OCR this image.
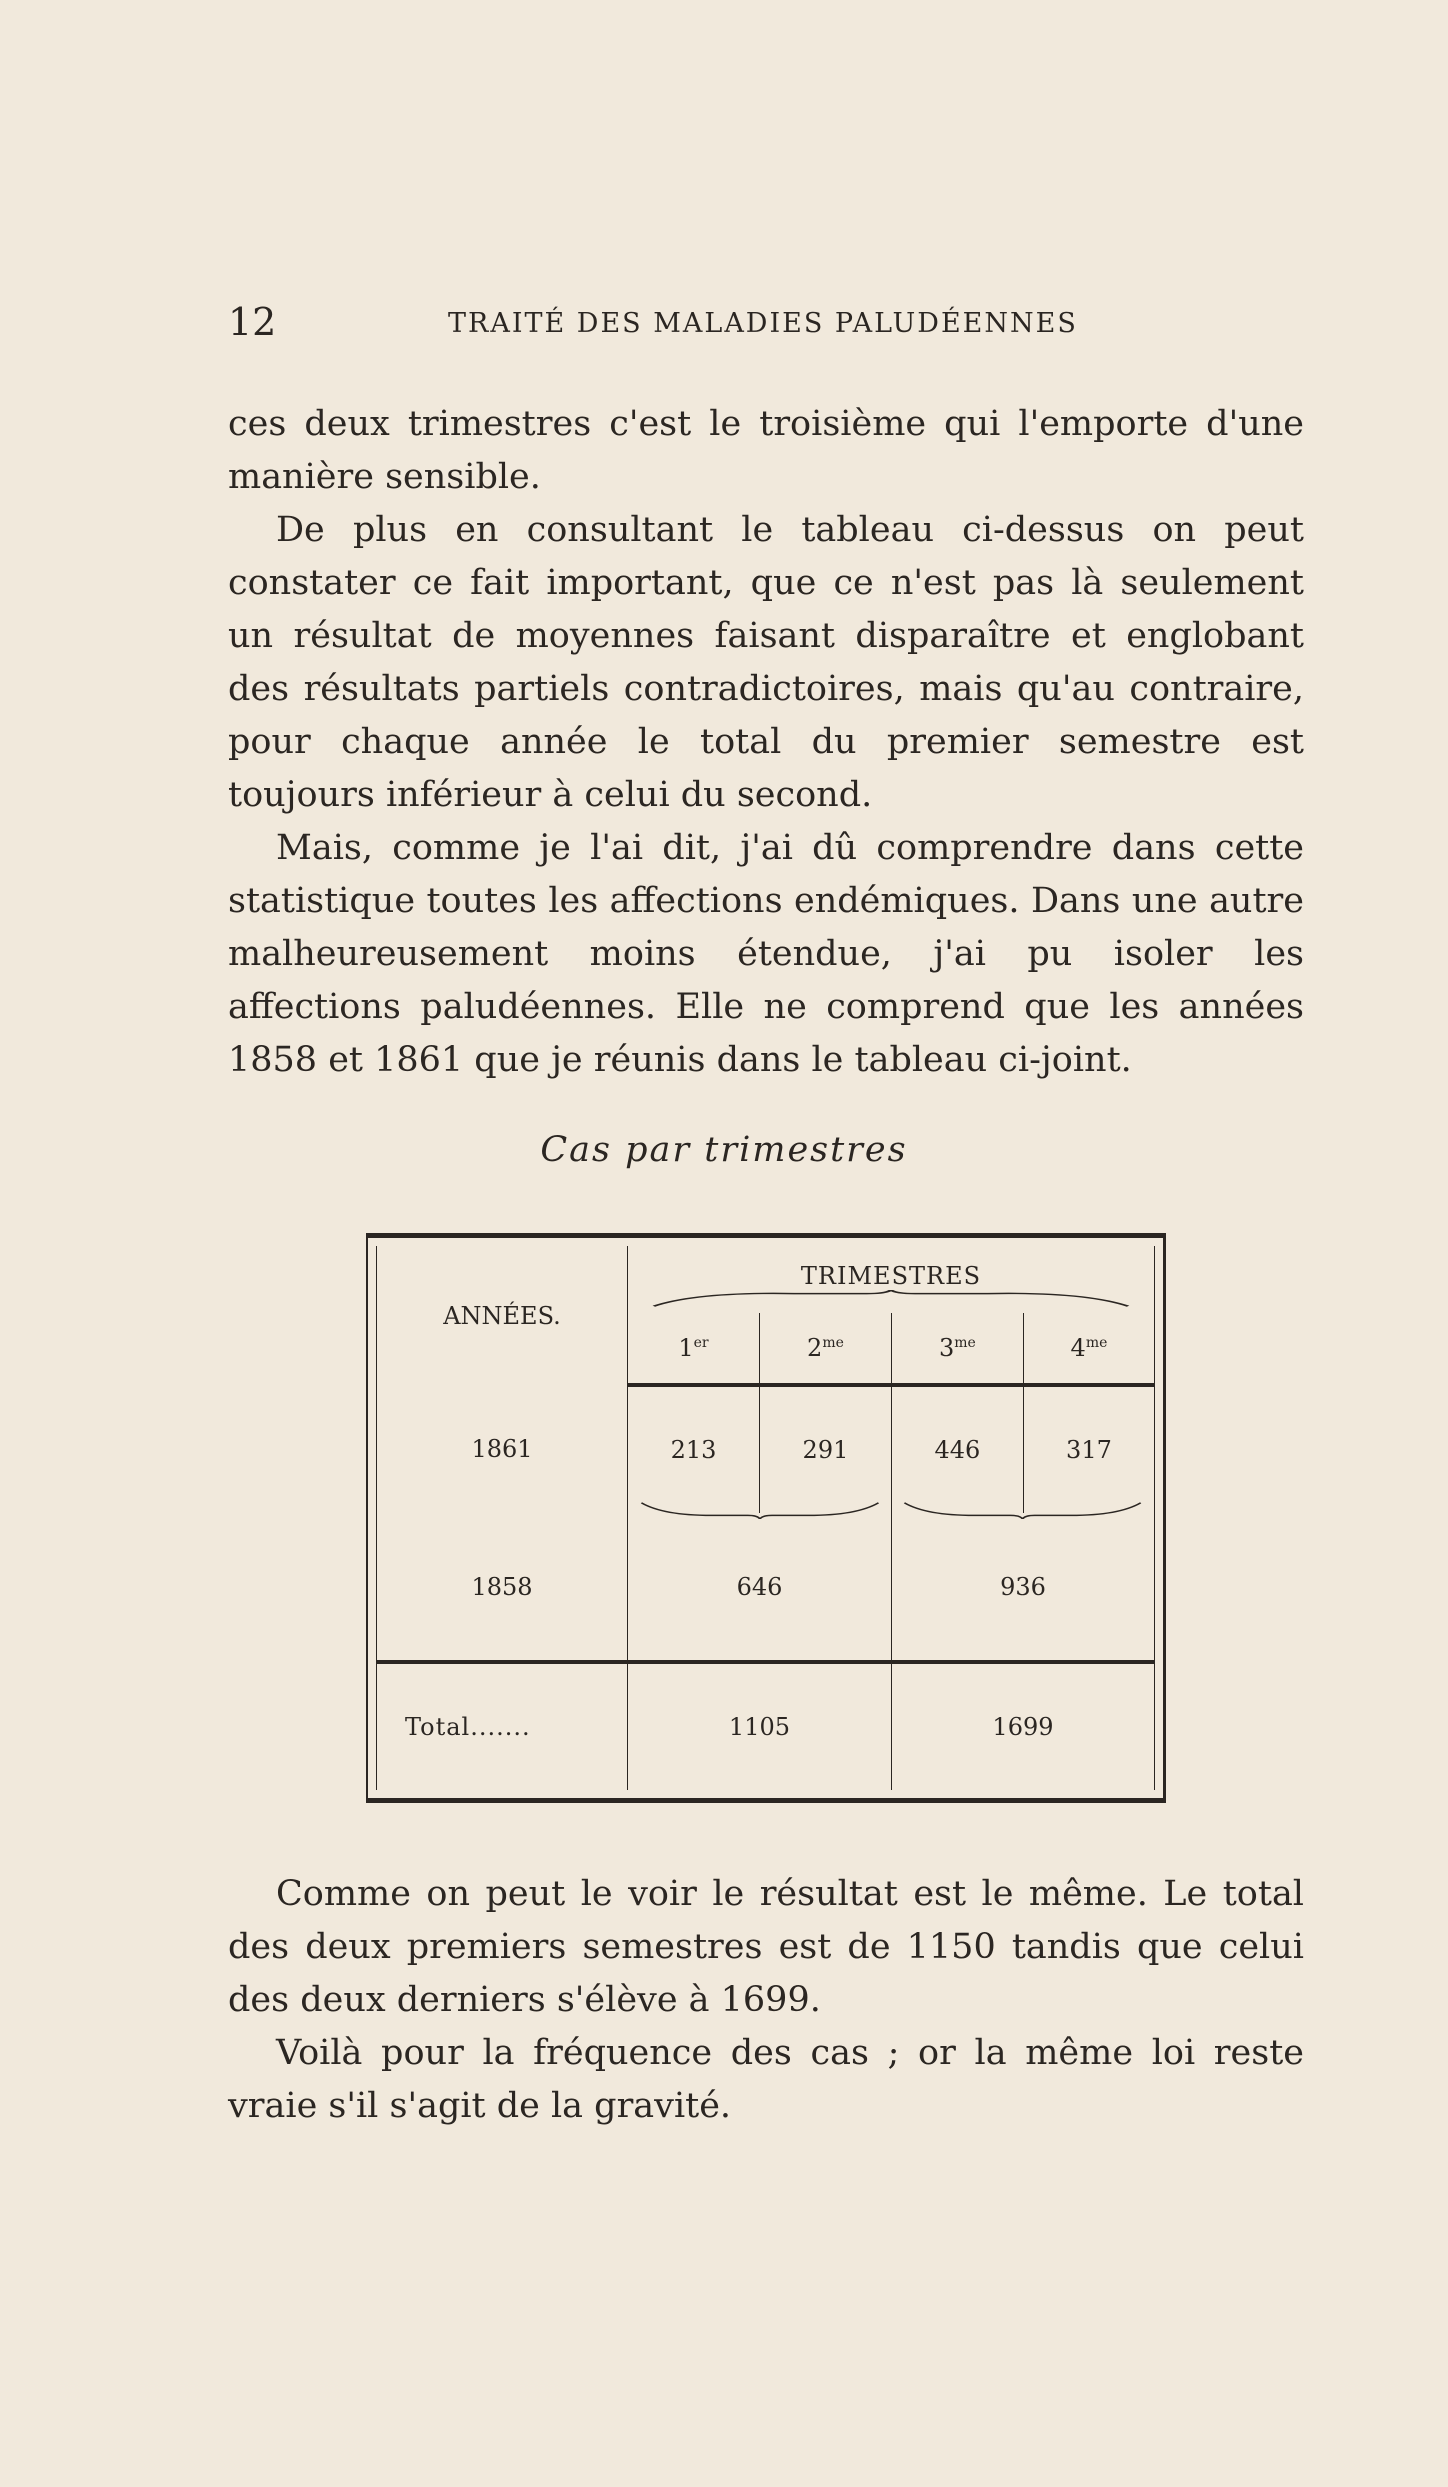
12	TRAITÉ DES MALADIES PALUDÉENNES

ces deux trimestres c'est le troisième qui l'emporte d'une manière sensible.

De plus en consultant le tableau ci-dessus on peut constater ce fait important, que ce n'est pas là seulement un résultat de moyennes faisant disparaître et englobant des résultats partiels contradictoires, mais qu'au contraire, pour chaque année le total du premier semestre est toujours inférieur à celui du second.

Mais, comme je l'ai dit, j'ai dû comprendre dans cette statistique toutes les affections endémiques. Dans une autre malheureusement moins étendue, j'ai pu isoler les affections paludéennes. Elle ne comprend que les années 1858 et 1861 que je réunis dans le tableau ci-joint.

Cas par trimestres
ANNÉES.	TRIMESTRES			

	1er	$2^{me}$	$3^{me}$	$4^{me}$
1861	213	291	446	317
1858	646		936	
Total.......	1105		1699	

Comme on peut le voir le résultat est le même. Le total des deux premiers semestres est de 1150 tandis que celui des deux derniers s'élève à 1699.

Voilà pour la fréquence des cas ; or la même loi reste vraie s'il s'agit de la gravité.
